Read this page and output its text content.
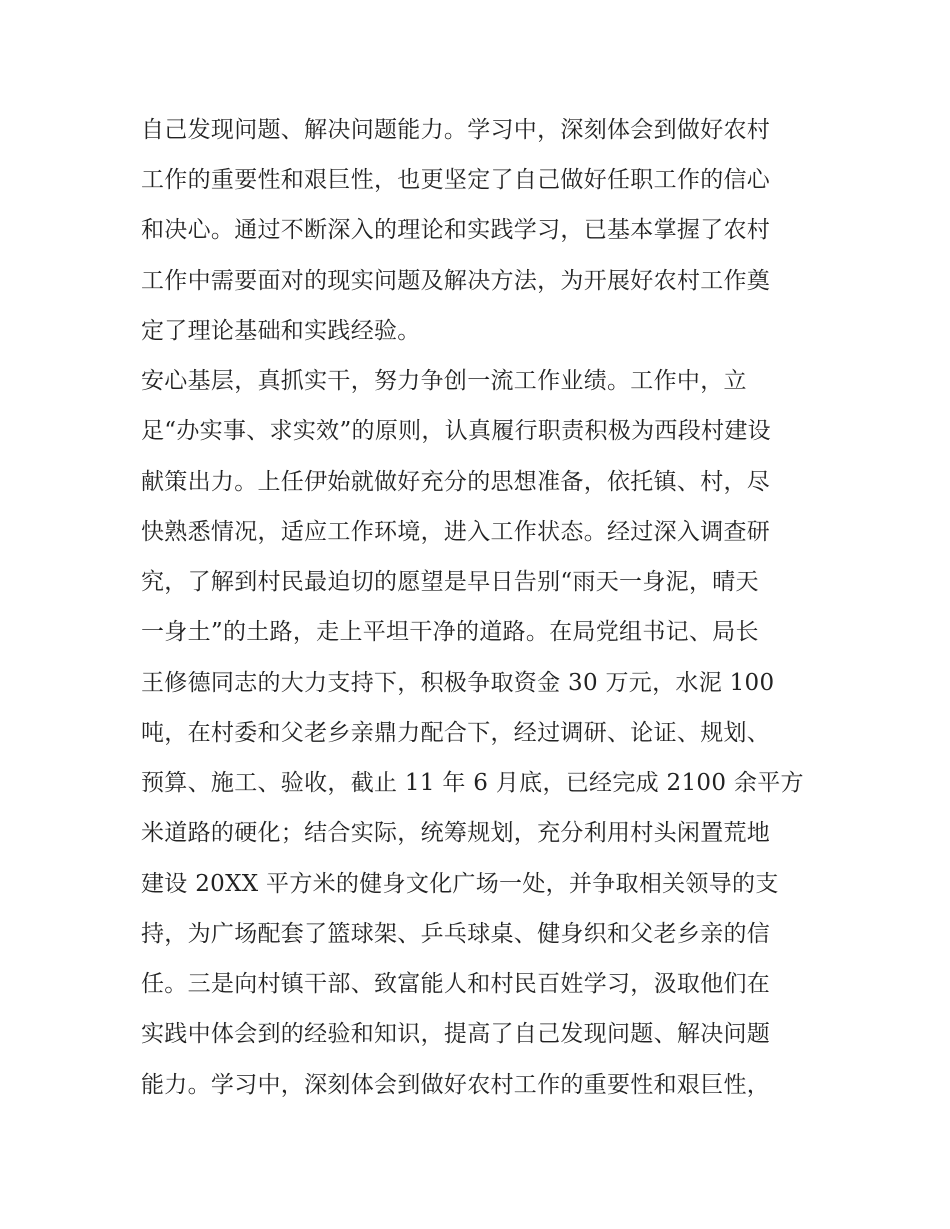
自己发现问题、解决问题能力。学习中，深刻体会到做好农村
工作的重要性和艰巨性，也更坚定了自己做好任职工作的信心
和决心。通过不断深入的理论和实践学习，已基本掌握了农村
工作中需要面对的现实问题及解决方法，为开展好农村工作奠
定了理论基础和实践经验。
安心基层，真抓实干，努力争创一流工作业绩。工作中，立
足“办实事、求实效”的原则，认真履行职责积极为西段村建设
献策出力。上任伊始就做好充分的思想准备，依托镇、村，尽
快熟悉情况，适应工作环境，进入工作状态。经过深入调查研
究，了解到村民最迫切的愿望是早日告别“雨天一身泥，晴天
一身土”的土路，走上平坦干净的道路。在局党组书记、局长
王修德同志的大力支持下，积极争取资金 30 万元，水泥 100
吨，在村委和父老乡亲鼎力配合下，经过调研、论证、规划、
预算、施工、验收，截止 11 年 6 月底，已经完成 2100 余平方
米道路的硬化；结合实际，统筹规划，充分利用村头闲置荒地
建设 20XX 平方米的健身文化广场一处，并争取相关领导的支
持，为广场配套了篮球架、乒乓球桌、健身织和父老乡亲的信
任。三是向村镇干部、致富能人和村民百姓学习，汲取他们在
实践中体会到的经验和知识，提高了自己发现问题、解决问题
能力。学习中，深刻体会到做好农村工作的重要性和艰巨性，
